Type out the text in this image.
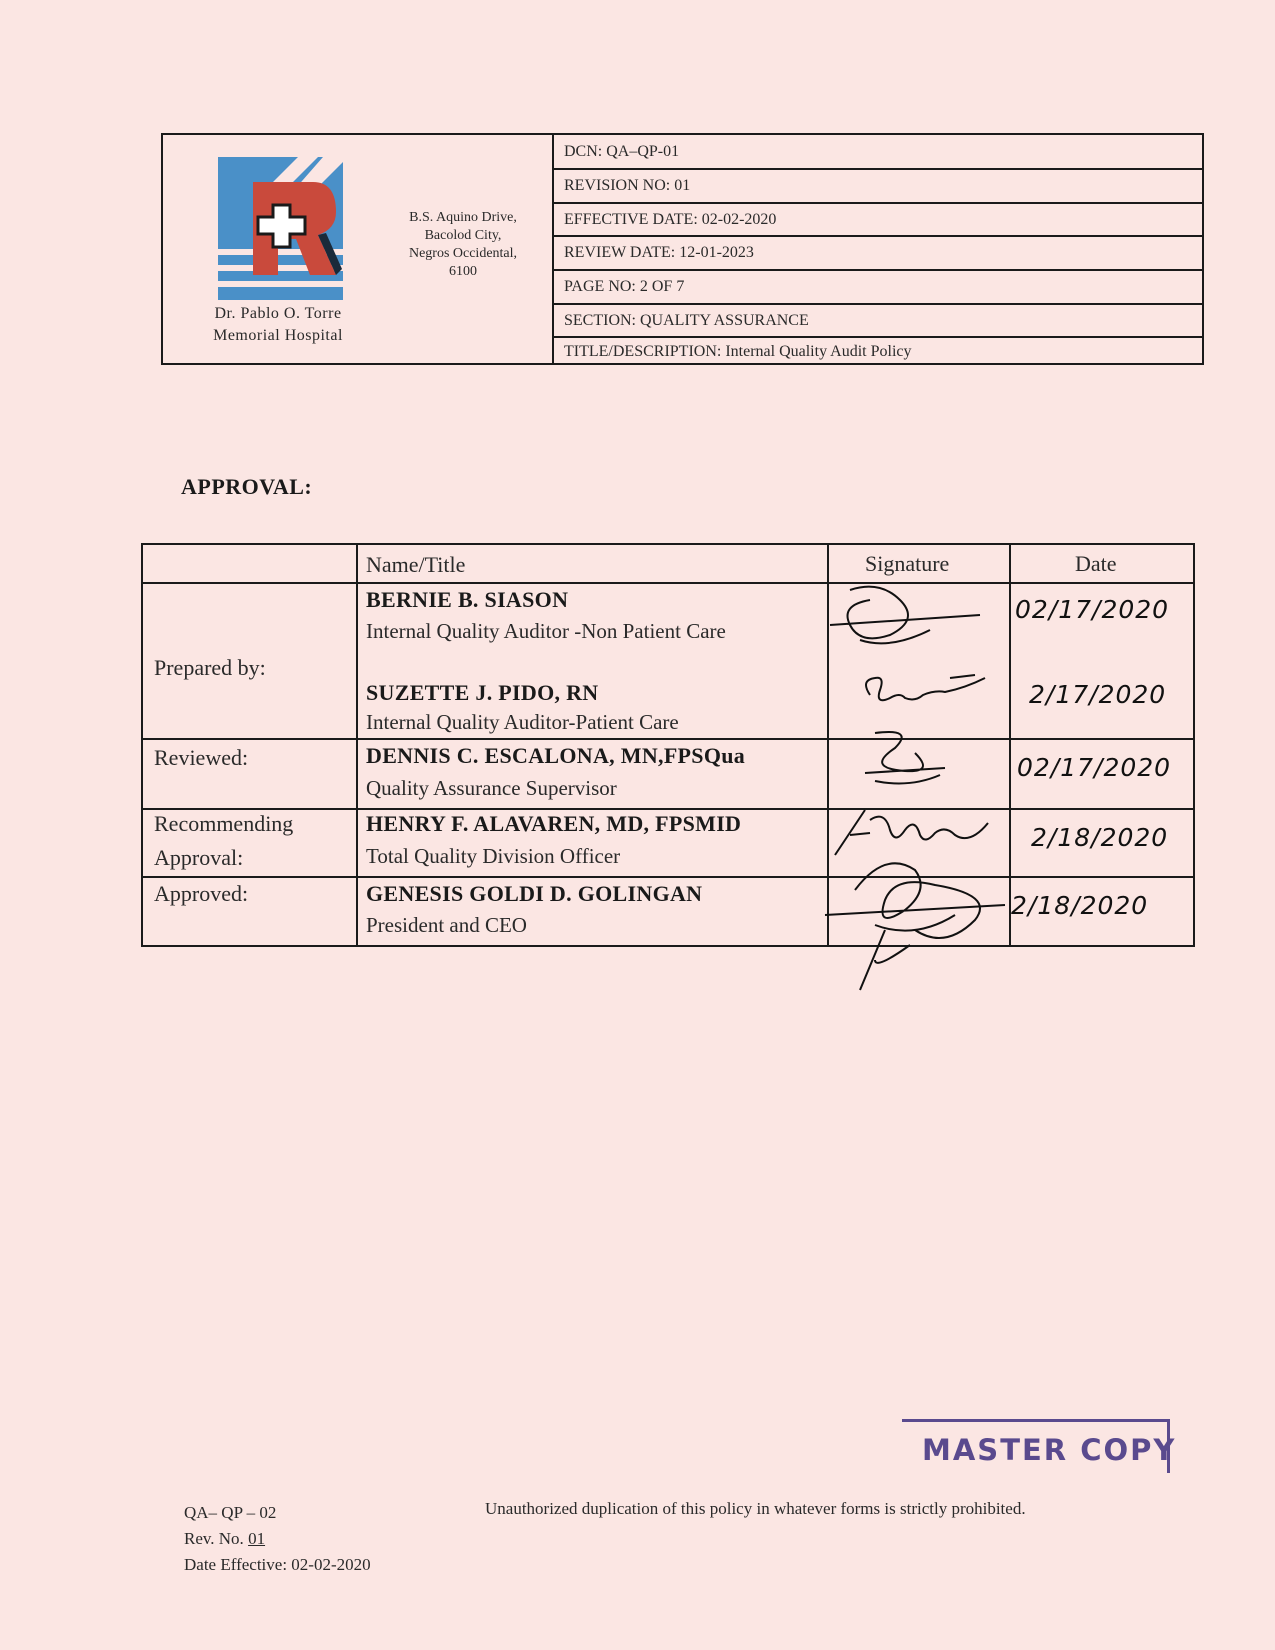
Dr. Pablo O. Torre
Memorial Hospital
B.S. Aquino Drive,
Bacolod City,
Negros Occidental,
6100
DCN: QA–QP-01
REVISION NO: 01
EFFECTIVE DATE: 02-02-2020
REVIEW DATE: 12-01-2023
PAGE NO: 2 OF 7
SECTION: QUALITY ASSURANCE
TITLE/DESCRIPTION: Internal Quality Audit Policy
APPROVAL:
Name/Title	Signature	Date
Prepared by:
Reviewed:
Recommending
Approval:
Approved:
BERNIE B. SIASON
Internal Quality Auditor -Non Patient Care
SUZETTE J. PIDO, RN
Internal Quality Auditor-Patient Care
DENNIS C. ESCALONA, MN,FPSQua
Quality Assurance Supervisor
HENRY F. ALAVAREN, MD, FPSMID
Total Quality Division Officer
GENESIS GOLDI D. GOLINGAN
President and CEO
02/17/2020
2/17/2020
02/17/2020
2/18/2020
2/18/2020
MASTER COPY
QA– QP – 02
Rev. No. 01
Date Effective: 02-02-2020
Unauthorized duplication of this policy in whatever forms is strictly prohibited.
